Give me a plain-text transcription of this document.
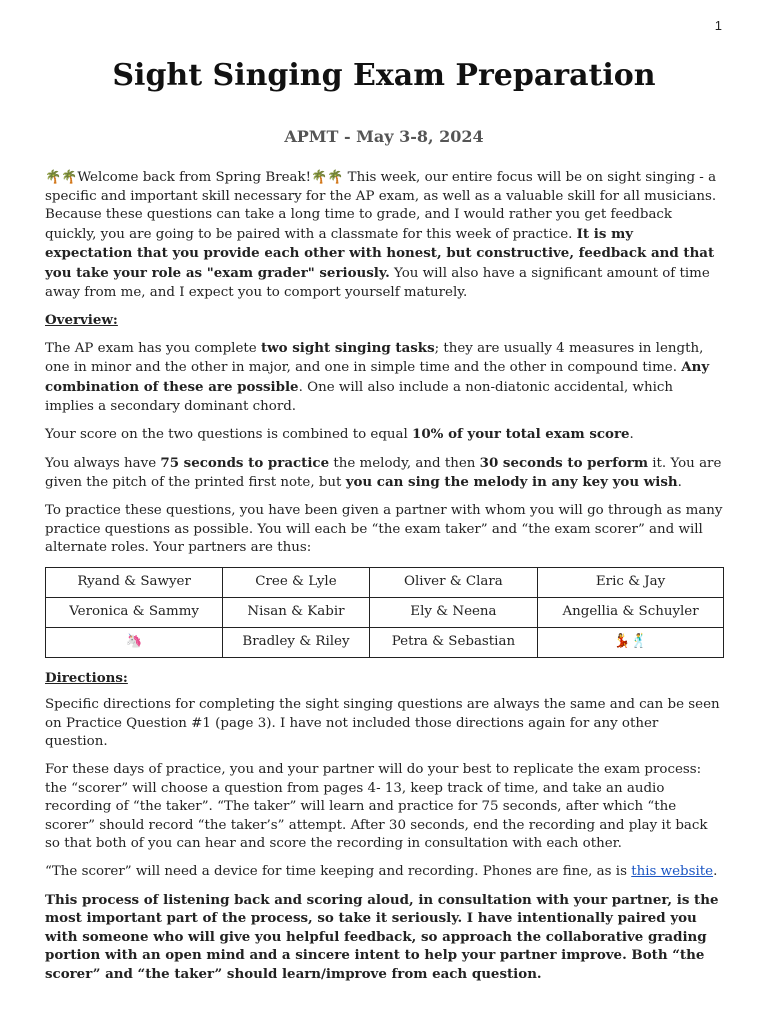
1
Sight Singing Exam Preparation
APMT - May 3-8, 2024

🌴🌴Welcome back from Spring Break!🌴🌴 This week, our entire focus will be on sight singing - a specific and important skill necessary for the AP exam, as well as a valuable skill for all musicians. Because these questions can take a long time to grade, and I would rather you get feedback quickly, you are going to be paired with a classmate for this week of practice. It is my expectation that you provide each other with honest, but constructive, feedback and that you take your role as "exam grader" seriously. You will also have a significant amount of time away from me, and I expect you to comport yourself maturely.

Overview:

The AP exam has you complete two sight singing tasks; they are usually 4 measures in length, one in minor and the other in major, and one in simple time and the other in compound time. Any combination of these are possible. One will also include a non-diatonic accidental, which implies a secondary dominant chord.

Your score on the two questions is combined to equal 10% of your total exam score.

You always have 75 seconds to practice the melody, and then 30 seconds to perform it. You are given the pitch of the printed first note, but you can sing the melody in any key you wish.

To practice these questions, you have been given a partner with whom you will go through as many practice questions as possible. You will each be “the exam taker” and “the exam scorer” and will alternate roles. Your partners are thus:

Ryand & Sawyer	Cree & Lyle	Oliver & Clara	Eric & Jay
Veronica & Sammy	Nisan & Kabir	Ely & Neena	Angellia & Schuyler
🦄	Bradley & Riley	Petra & Sebastian	💃🕺

Directions:

Specific directions for completing the sight singing questions are always the same and can be seen on Practice Question #1 (page 3). I have not included those directions again for any other question.

For these days of practice, you and your partner will do your best to replicate the exam process: the “scorer” will choose a question from pages 4- 13, keep track of time, and take an audio recording of “the taker”. “The taker” will learn and practice for 75 seconds, after which “the scorer” should record “the taker’s” attempt. After 30 seconds, end the recording and play it back so that both of you can hear and score the recording in consultation with each other.

“The scorer” will need a device for time keeping and recording. Phones are fine, as is this website.

This process of listening back and scoring aloud, in consultation with your partner, is the most important part of the process, so take it seriously. I have intentionally paired you with someone who will give you helpful feedback, so approach the collaborative grading portion with an open mind and a sincere intent to help your partner improve. Both “the scorer” and “the taker” should learn/improve from each question.
